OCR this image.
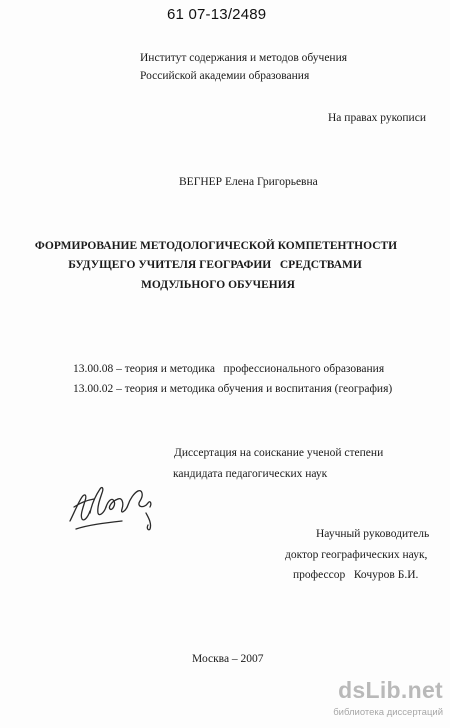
61 07-13/2489
Институт содержания и методов обучения
Российской академии образования
На правах рукописи
ВЕГНЕР Елена Григорьевна
ФОРМИРОВАНИЕ МЕТОДОЛОГИЧЕСКОЙ КОМПЕТЕНТНОСТИ
БУДУЩЕГО УЧИТЕЛЯ ГЕОГРАФИИ   СРЕДСТВАМИ
МОДУЛЬНОГО ОБУЧЕНИЯ
13.00.08 – теория и методика   профессионального образования
13.00.02 – теория и методика обучения и воспитания (география)
Диссертация на соискание ученой степени
кандидата педагогических наук
Научный руководитель
доктор географических наук,
профессор   Кочуров Б.И.
Москва – 2007
dsLib.net
библиотека диссертаций
